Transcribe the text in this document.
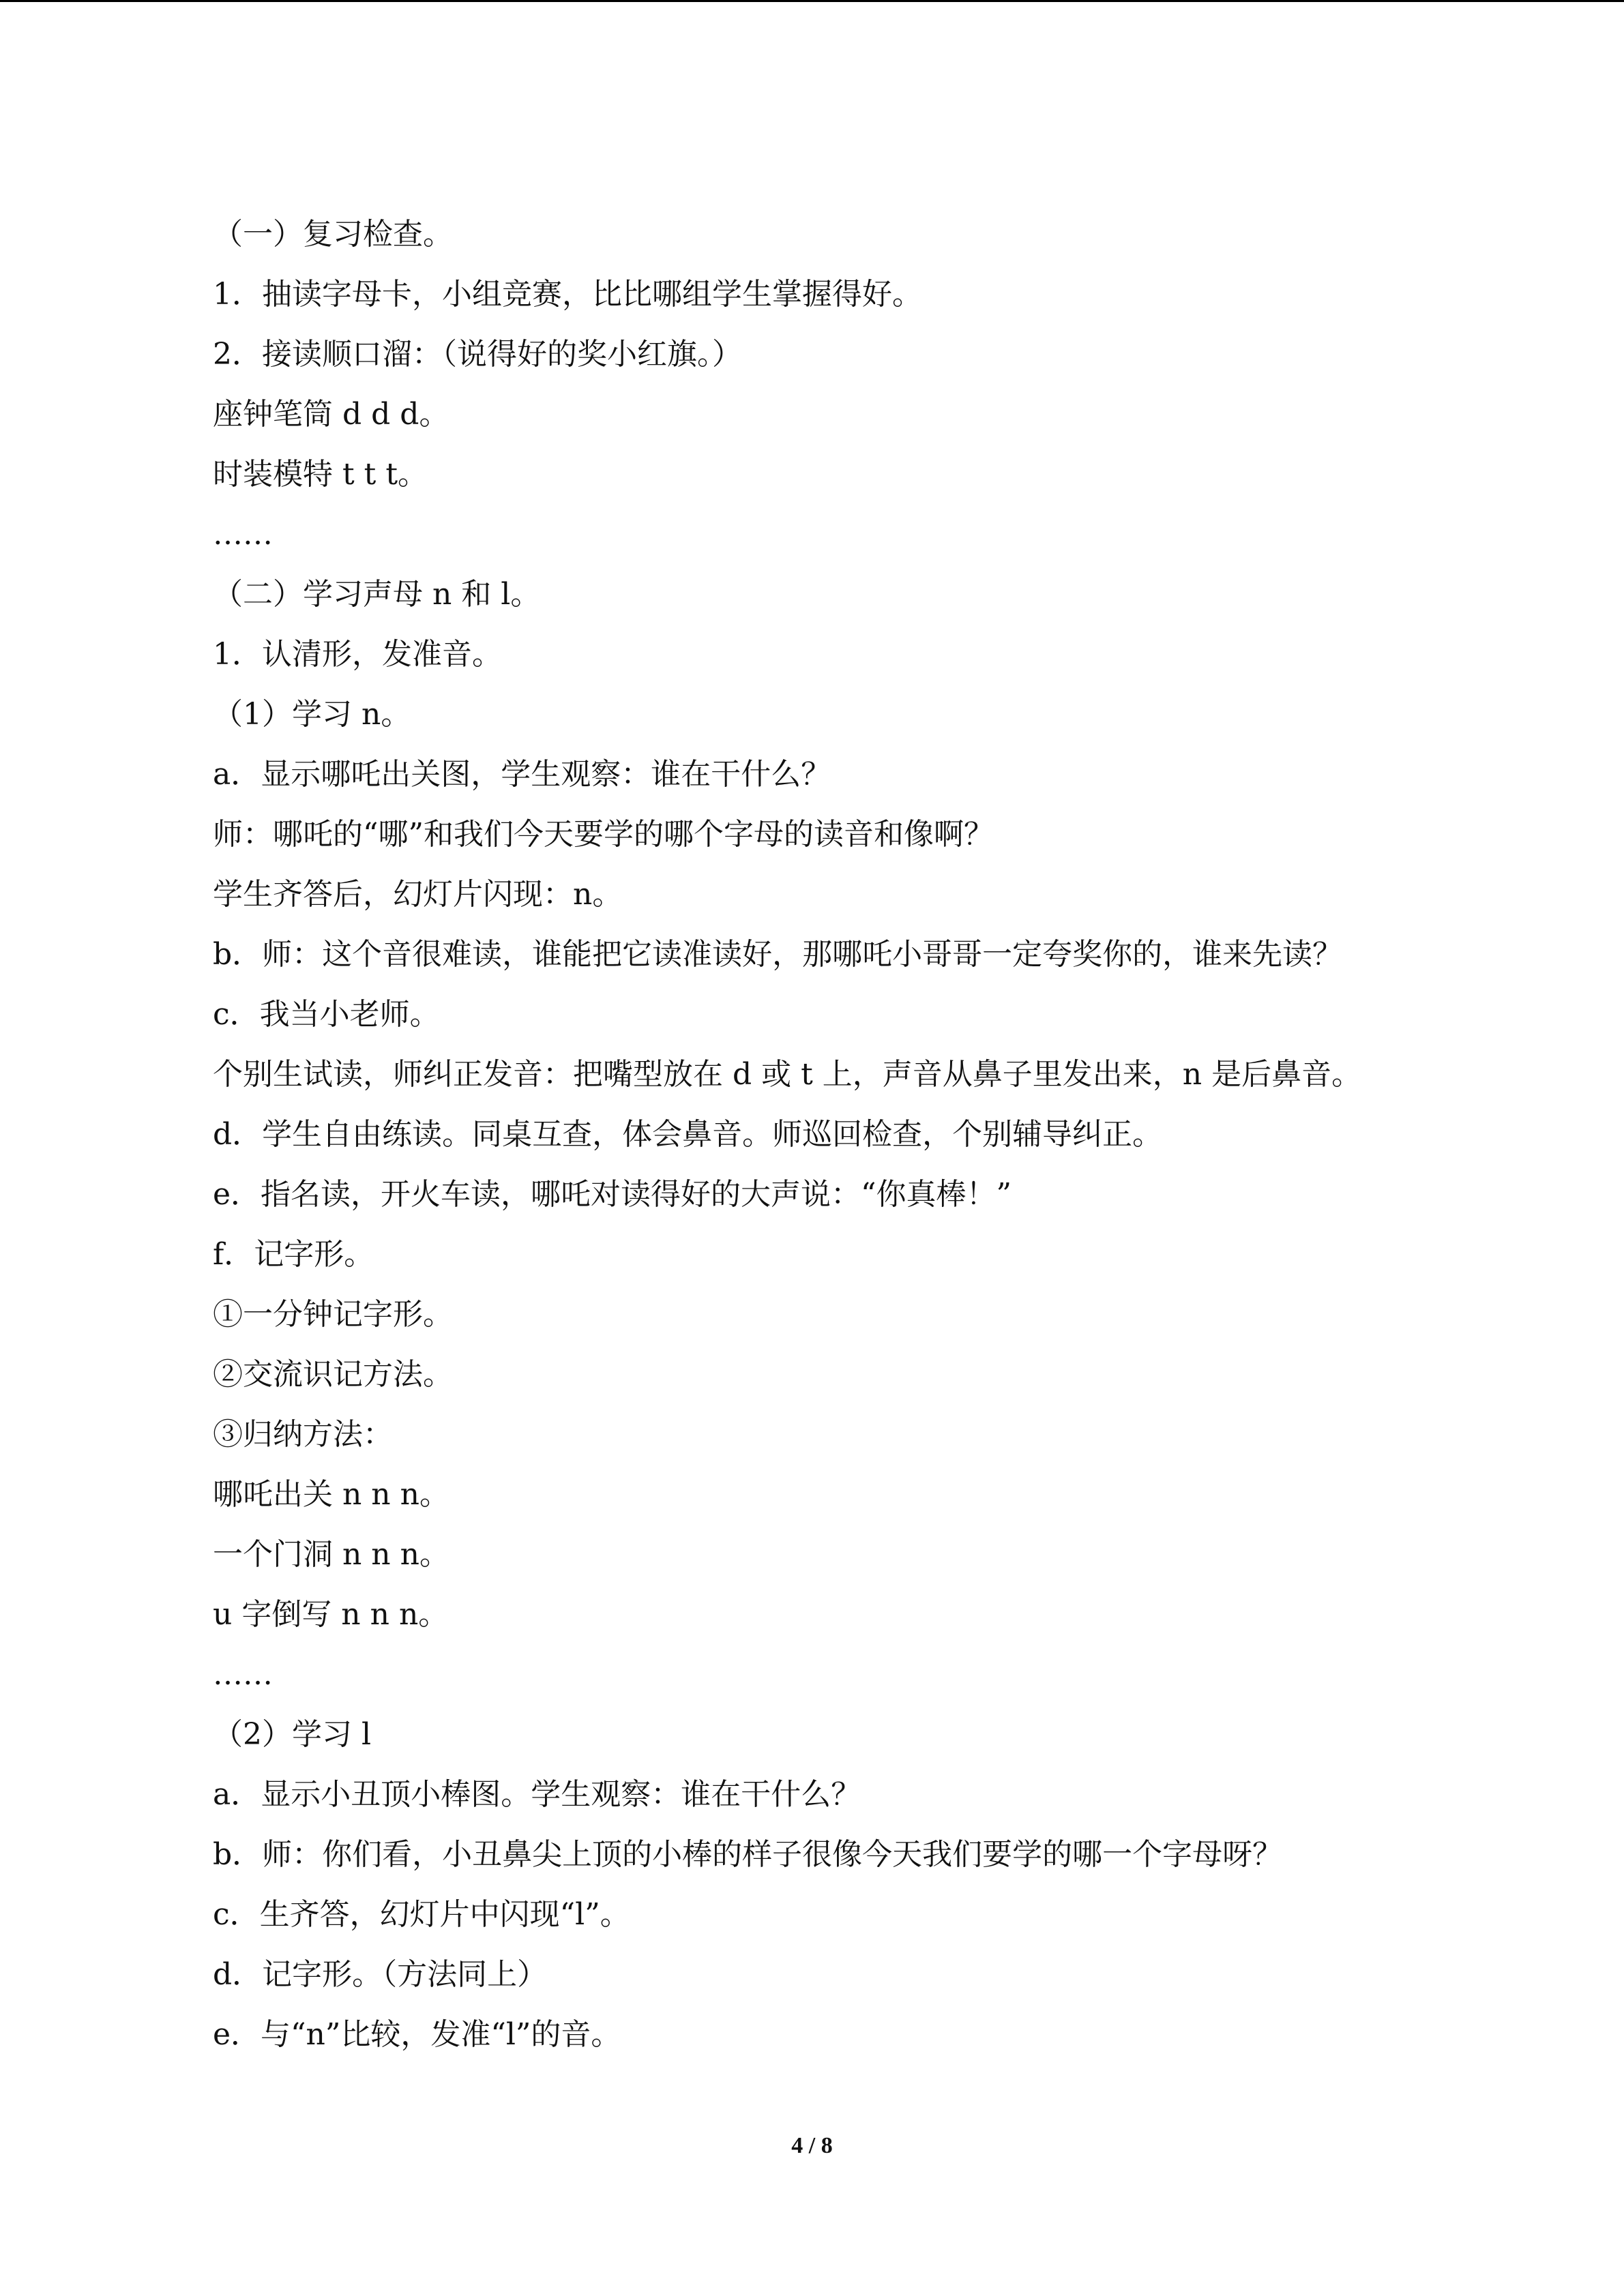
（一）复习检查。
1．抽读字母卡，小组竞赛，比比哪组学生掌握得好。
2．接读顺口溜：（说得好的奖小红旗。）
座钟笔筒 d d d。
时装模特 t t t。
……
（二）学习声母 n 和 l。
1．认清形，发准音。
（1）学习 n。
a．显示哪吒出关图，学生观察：谁在干什么？
师：哪吒的“哪”和我们今天要学的哪个字母的读音和像啊？
学生齐答后，幻灯片闪现：n。
b．师：这个音很难读，谁能把它读准读好，那哪吒小哥哥一定夸奖你的，谁来先读？
c．我当小老师。
个别生试读，师纠正发音：把嘴型放在 d 或 t 上，声音从鼻子里发出来，n 是后鼻音。
d．学生自由练读。同桌互查，体会鼻音。师巡回检查，个别辅导纠正。
e．指名读，开火车读，哪吒对读得好的大声说：“你真棒！”
f．记字形。
①一分钟记字形。
②交流识记方法。
③归纳方法：
哪吒出关 n n n。
一个门洞 n n n。
u 字倒写 n n n。
……
（2）学习 l
a．显示小丑顶小棒图。学生观察：谁在干什么？
b．师：你们看，小丑鼻尖上顶的小棒的样子很像今天我们要学的哪一个字母呀？
c．生齐答，幻灯片中闪现“l”。
d．记字形。（方法同上）
e．与“n”比较，发准“l”的音。
4 / 8
